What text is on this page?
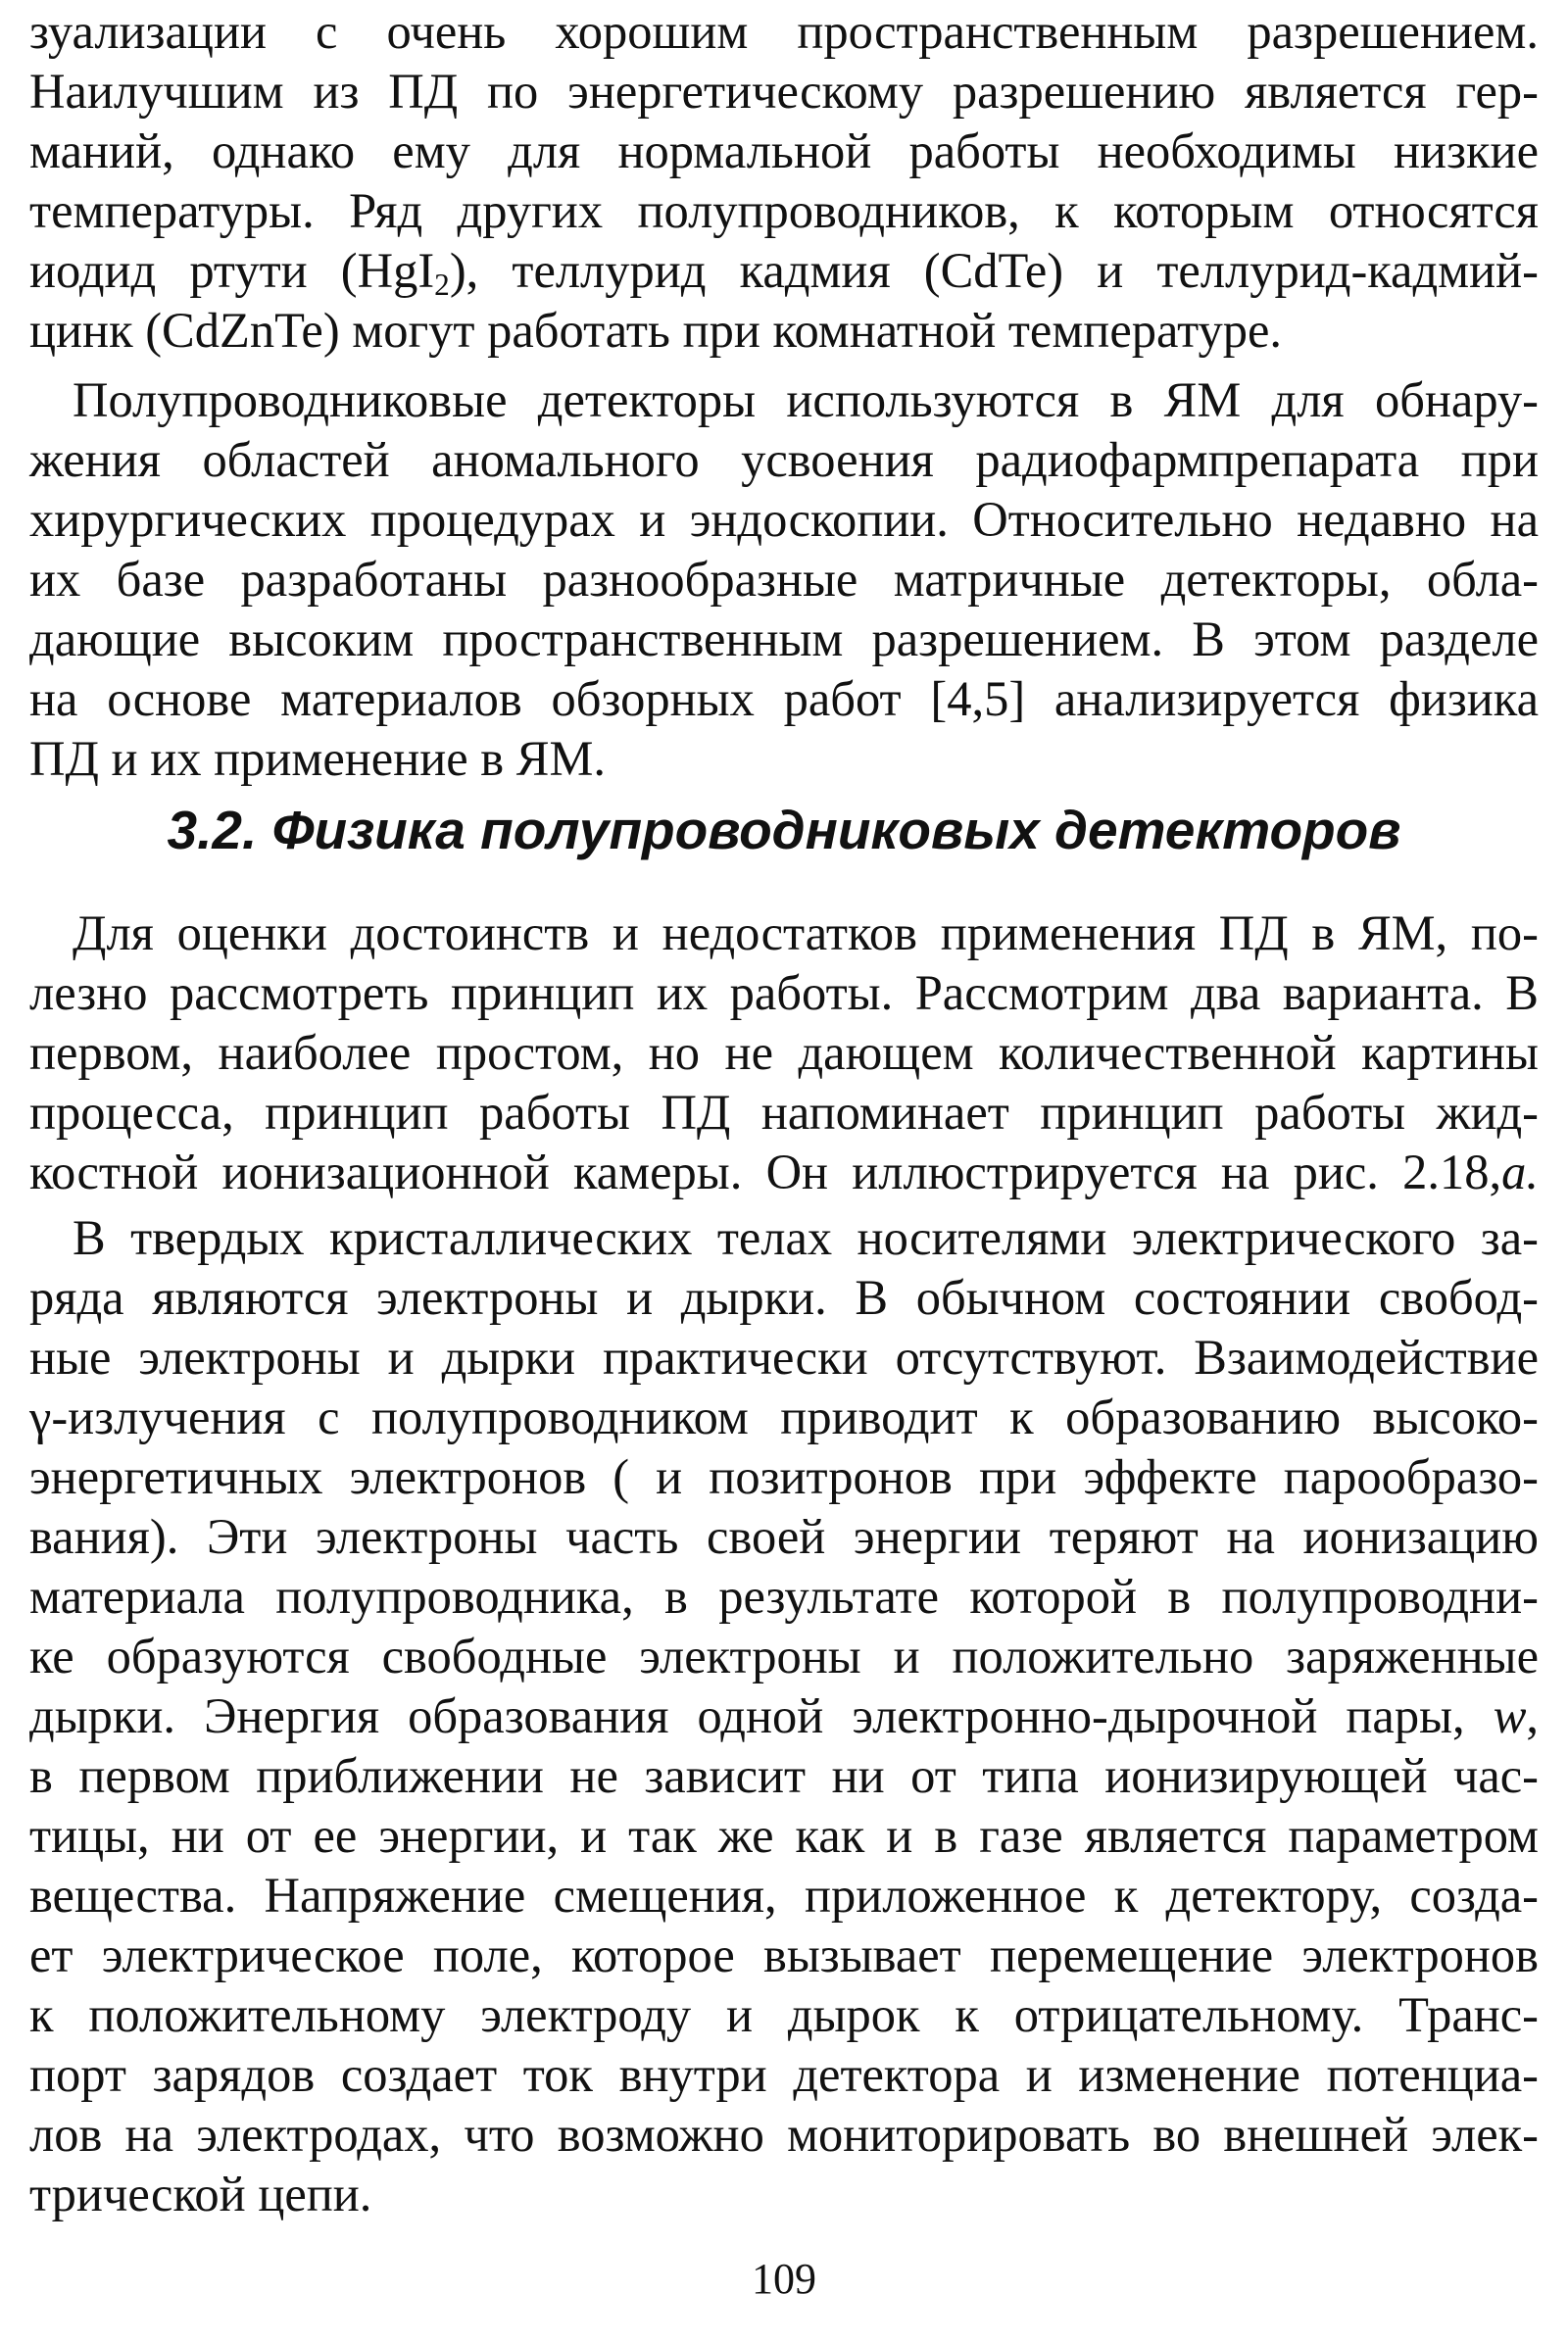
зуализации с очень хорошим пространственным разрешением.
Наилучшим из ПД по энергетическому разрешению является гер-
маний, однако ему для нормальной работы необходимы низкие
температуры. Ряд других полупроводников, к которым относятся
иодид ртути (HgI$_2$), теллурид кадмия (CdTe) и теллурид-кадмий-
цинк (CdZnTe) могут работать при комнатной температуре.
Полупроводниковые детекторы используются в ЯМ для обнару-
жения областей аномального усвоения радиофармпрепарата при
хирургических процедурах и эндоскопии. Относительно недавно на
их базе разработаны разнообразные матричные детекторы, обла-
дающие высоким пространственным разрешением. В этом разделе
на основе материалов обзорных работ [4,5] анализируется физика
ПД и их применение в ЯМ.
3.2. Физика полупроводниковых детекторов
Для оценки достоинств и недостатков применения ПД в ЯМ, по-
лезно рассмотреть принцип их работы. Рассмотрим два варианта. В
первом, наиболее простом, но не дающем количественной картины
процесса, принцип работы ПД напоминает принцип работы жид-
костной ионизационной камеры. Он иллюстрируется на рис. 2.18,а.
В твердых кристаллических телах носителями электрического за-
ряда являются электроны и дырки. В обычном состоянии свобод-
ные электроны и дырки практически отсутствуют. Взаимодействие
γ-излучения с полупроводником приводит к образованию высоко-
энергетичных электронов ( и позитронов при эффекте парообразо-
вания). Эти электроны часть своей энергии теряют на ионизацию
материала полупроводника, в результате которой в полупроводни-
ке образуются свободные электроны и положительно заряженные
дырки. Энергия образования одной электронно-дырочной пары, w,
в первом приближении не зависит ни от типа ионизирующей час-
тицы, ни от ее энергии, и так же как и в газе является параметром
вещества. Напряжение смещения, приложенное к детектору, созда-
ет электрическое поле, которое вызывает перемещение электронов
к положительному электроду и дырок к отрицательному. Транс-
порт зарядов создает ток внутри детектора и изменение потенциа-
лов на электродах, что возможно мониторировать во внешней элек-
трической цепи.
109
